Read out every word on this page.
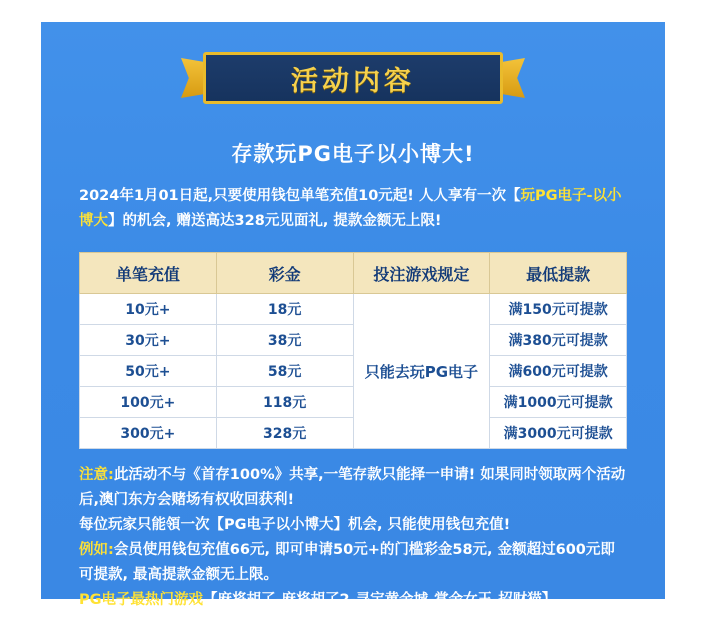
活动内容
存款玩PG电子以小博大!
2024年1月01日起,只要使用钱包单笔充值10元起! 人人享有一次【玩PG电子-以小博大】的机会, 赠送高达328元见面礼, 提款金额无上限!
单笔充值	彩金	投注游戏规定	最低提款
10元+	18元	只能去玩PG电子	满150元可提款
30元+	38元		满380元可提款
50元+	58元		满600元可提款
100元+	118元		满1000元可提款
300元+	328元		满3000元可提款

注意:此活动不与《首存100%》共享,一笔存款只能择一申请! 如果同时领取两个活动后,澳门东方会赌场有权收回获利!

每位玩家只能領一次【PG电子以小博大】机会, 只能使用钱包充值!

例如:会员使用钱包充值66元, 即可申请50元+的门槛彩金58元, 金额超过600元即可提款, 最高提款金额无上限。

PG电子最热门游戏【麻将胡了-麻将胡了2-寻宝黄金城-赏金女王-招财猫】

千万奖金一触即发!
